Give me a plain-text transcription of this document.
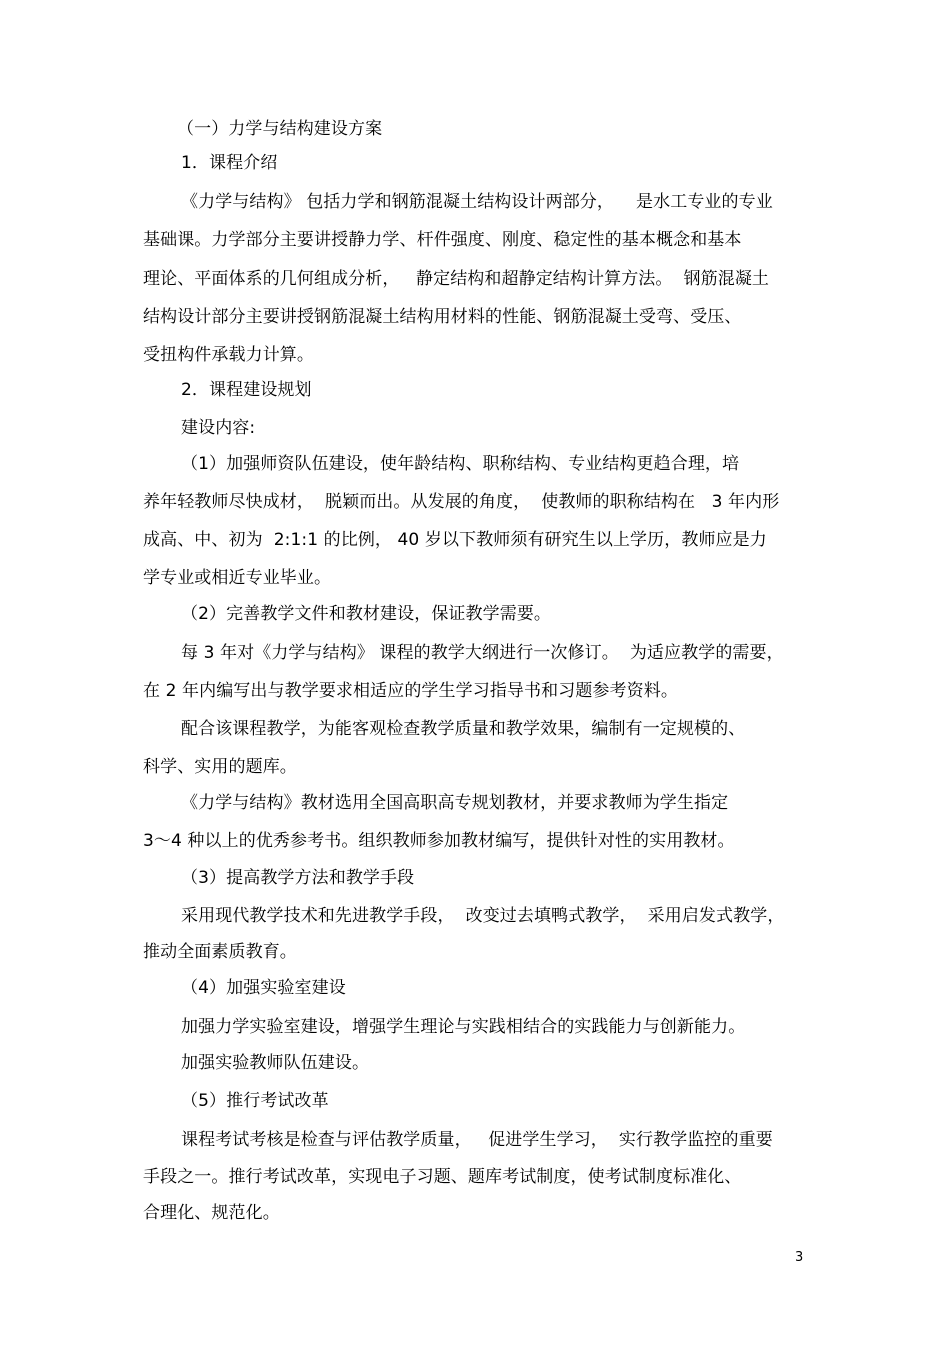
（一）力学与结构建设方案

1．课程介绍

《力学与结构》 包括力学和钢筋混凝土结构设计两部分，    是水工专业的专业

基础课。力学部分主要讲授静力学、杆件强度、刚度、稳定性的基本概念和基本

理论、平面体系的几何组成分析，   静定结构和超静定结构计算方法。  钢筋混凝土

结构设计部分主要讲授钢筋混凝土结构用材料的性能、钢筋混凝土受弯、受压、

受扭构件承载力计算。

2．课程建设规划

建设内容:

（1）加强师资队伍建设，使年龄结构、职称结构、专业结构更趋合理，培

养年轻教师尽快成材，  脱颖而出。从发展的角度，  使教师的职称结构在   3 年内形

成高、中、初为  2:1:1 的比例， 40 岁以下教师须有研究生以上学历，教师应是力

学专业或相近专业毕业。

（2）完善教学文件和教材建设，保证教学需要。

每 3 年对《力学与结构》 课程的教学大纲进行一次修订。  为适应教学的需要，

在 2 年内编写出与教学要求相适应的学生学习指导书和习题参考资料。

配合该课程教学，为能客观检查教学质量和教学效果，编制有一定规模的、

科学、实用的题库。

《力学与结构》教材选用全国高职高专规划教材，并要求教师为学生指定

3～4 种以上的优秀参考书。组织教师参加教材编写，提供针对性的实用教材。

（3）提高教学方法和教学手段

采用现代教学技术和先进教学手段，  改变过去填鸭式教学，  采用启发式教学，

推动全面素质教育。

（4）加强实验室建设

加强力学实验室建设，增强学生理论与实践相结合的实践能力与创新能力。

加强实验教师队伍建设。

（5）推行考试改革

课程考试考核是检查与评估教学质量，   促进学生学习，  实行教学监控的重要

手段之一。推行考试改革，实现电子习题、题库考试制度，使考试制度标准化、

合理化、规范化。

3
